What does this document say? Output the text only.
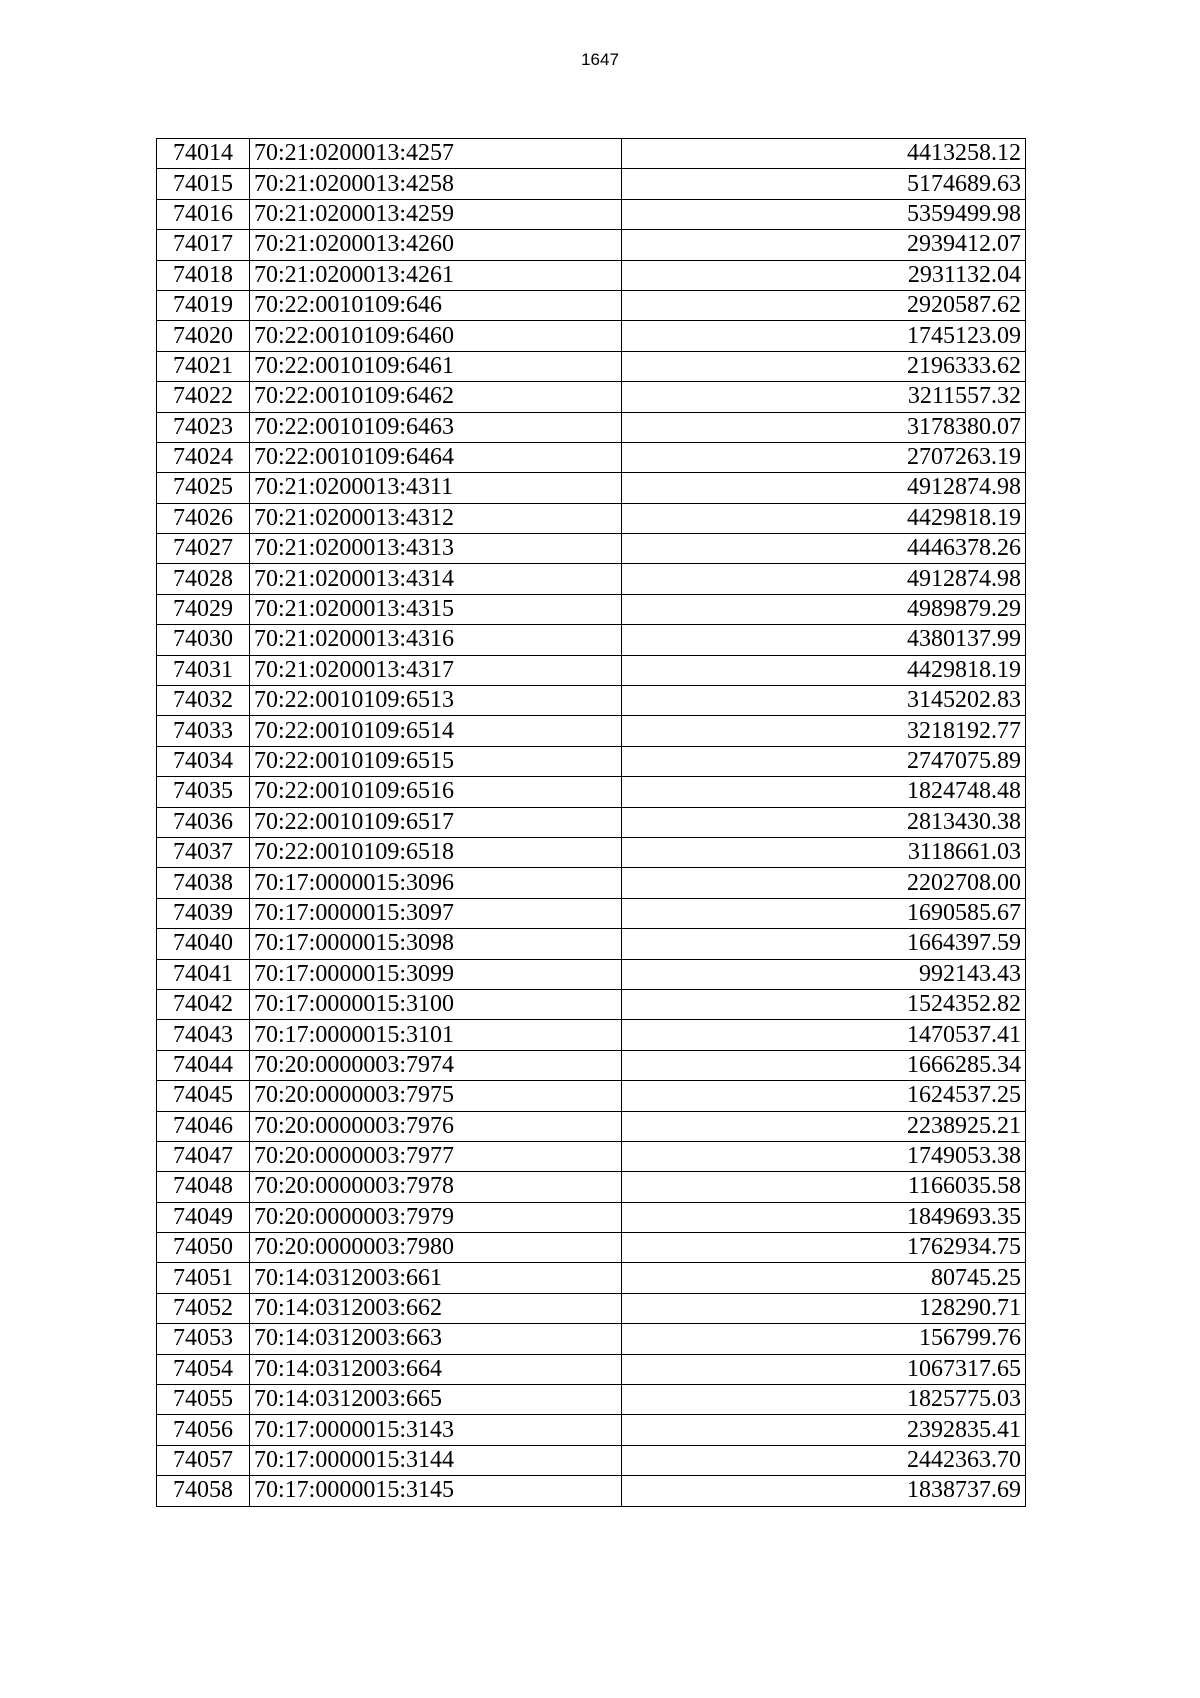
1647
74014	70:21:0200013:4257	4413258.12
74015	70:21:0200013:4258	5174689.63
74016	70:21:0200013:4259	5359499.98
74017	70:21:0200013:4260	2939412.07
74018	70:21:0200013:4261	2931132.04
74019	70:22:0010109:646	2920587.62
74020	70:22:0010109:6460	1745123.09
74021	70:22:0010109:6461	2196333.62
74022	70:22:0010109:6462	3211557.32
74023	70:22:0010109:6463	3178380.07
74024	70:22:0010109:6464	2707263.19
74025	70:21:0200013:4311	4912874.98
74026	70:21:0200013:4312	4429818.19
74027	70:21:0200013:4313	4446378.26
74028	70:21:0200013:4314	4912874.98
74029	70:21:0200013:4315	4989879.29
74030	70:21:0200013:4316	4380137.99
74031	70:21:0200013:4317	4429818.19
74032	70:22:0010109:6513	3145202.83
74033	70:22:0010109:6514	3218192.77
74034	70:22:0010109:6515	2747075.89
74035	70:22:0010109:6516	1824748.48
74036	70:22:0010109:6517	2813430.38
74037	70:22:0010109:6518	3118661.03
74038	70:17:0000015:3096	2202708.00
74039	70:17:0000015:3097	1690585.67
74040	70:17:0000015:3098	1664397.59
74041	70:17:0000015:3099	992143.43
74042	70:17:0000015:3100	1524352.82
74043	70:17:0000015:3101	1470537.41
74044	70:20:0000003:7974	1666285.34
74045	70:20:0000003:7975	1624537.25
74046	70:20:0000003:7976	2238925.21
74047	70:20:0000003:7977	1749053.38
74048	70:20:0000003:7978	1166035.58
74049	70:20:0000003:7979	1849693.35
74050	70:20:0000003:7980	1762934.75
74051	70:14:0312003:661	80745.25
74052	70:14:0312003:662	128290.71
74053	70:14:0312003:663	156799.76
74054	70:14:0312003:664	1067317.65
74055	70:14:0312003:665	1825775.03
74056	70:17:0000015:3143	2392835.41
74057	70:17:0000015:3144	2442363.70
74058	70:17:0000015:3145	1838737.69
